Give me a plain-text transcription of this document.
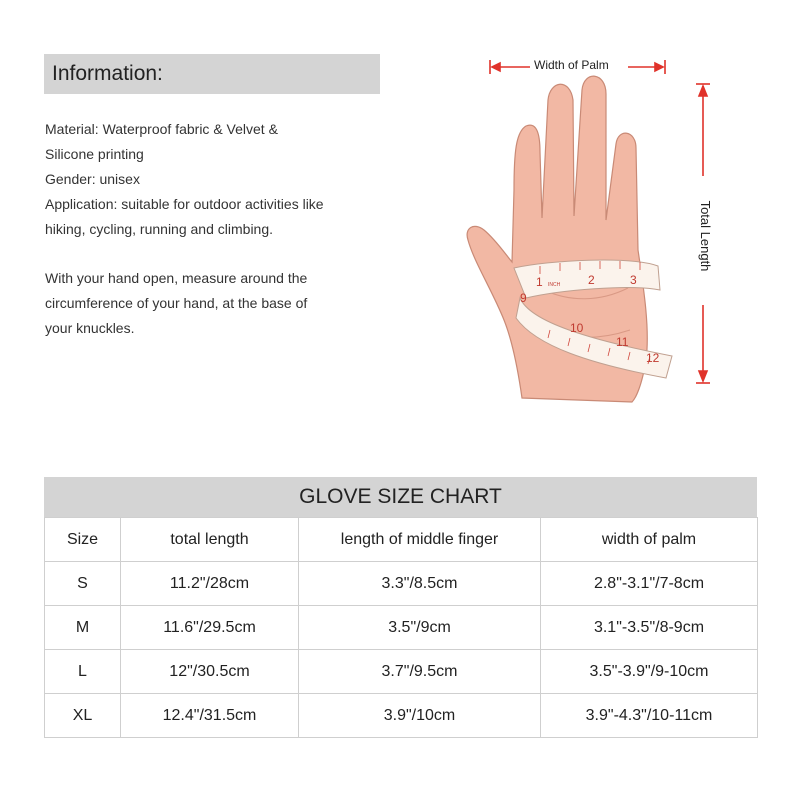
Information:

Material: Waterproof fabric & Velvet &

Silicone printing

Gender: unisex

Application: suitable for outdoor activities like

hiking, cycling, running and climbing.

With your hand open, measure around the

circumference of your hand, at the base of

your knuckles.

1 INCH 2	3
9
10
11
12
Width of Palm
Total Length
GLOVE SIZE CHART
Size	total length	length of middle finger	width of palm
S	11.2"/28cm	3.3"/8.5cm	2.8"-3.1"/7-8cm
M	11.6"/29.5cm	3.5"/9cm	3.1"-3.5"/8-9cm
L	12"/30.5cm	3.7"/9.5cm	3.5"-3.9"/9-10cm
XL	12.4"/31.5cm	3.9"/10cm	3.9"-4.3"/10-11cm
